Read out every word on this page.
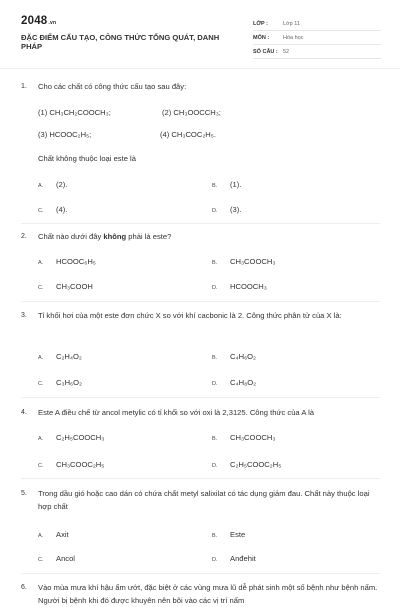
2048.vn
ĐẶC ĐIỂM CẤU TẠO, CÔNG THỨC TỔNG QUÁT, DANH PHÁP
LỚP :	Lớp 11
MÔN :	Hóa học
SỐ CÂU : 52
1. Cho các chất có công thức cấu tạo sau đây:
(1) CH₃CH₂COOCH₃;	(2) CH₃OOCCH₃;
(3) HCOOC₂H₅;	(4) CH₃COC₂H₅.
Chất không thuộc loại este là
A.	(2).	B.	(1).
C.	(4).	D.	(3).
2. Chất nào dưới đây không phải là este?
A.	HCOOC₆H₅	B.	CH₃COOCH₃
C.	CH₃COOH	D.	HCOOCH₃
3. Tỉ khối hơi của một este đơn chức X so với khí cacbonic là 2. Công thức phân tử của X là:
A.	C₂H₄O₂	B.	C₄H₆O₂
C.	C₃H₆O₂	D.	C₄H₈O₂
4. Este A điều chế từ ancol metylic có tỉ khối so với oxi là 2,3125. Công thức của A là
A.	C₂H₅COOCH₃	B.	CH₃COOCH₃
C.	CH₃COOC₂H₅	D.	C₂H₅COOC₂H₅
5. Trong dầu gió hoặc cao dán có chứa chất metyl salixilat có tác dụng giảm đau. Chất này thuộc loại hợp chất
A.	Axit	B.	Este
C.	Ancol	D.	Anđehit
6. Vào mùa mưa khí hậu ẩm ướt, đặc biệt ở các vùng mưa lũ dễ phát sinh một số bệnh như bệnh nấm. Người bị bệnh khi đó được khuyên nên bôi vào các vị trí nấm
